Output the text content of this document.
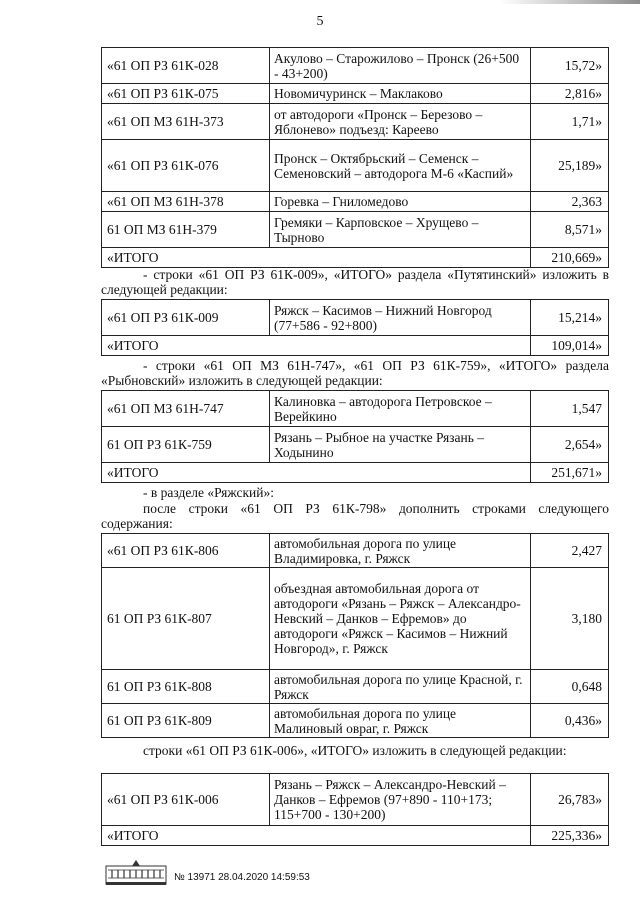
5
«61 ОП РЗ 61К-028	Акулово – Старожилово – Пронск (26+500 - 43+200)	15,72»
«61 ОП РЗ 61К-075	Новомичуринск – Маклаково	2,816»
«61 ОП МЗ 61Н-373	от автодороги «Пронск – Березово – Яблонево» подъезд: Кареево	1,71»
«61 ОП РЗ 61К-076	Пронск – Октябрьский – Семенск – Семеновский – автодорога М-6 «Каспий»	25,189»
«61 ОП МЗ 61Н-378	Горевка – Гниломедово	2,363
61 ОП МЗ 61Н-379	Гремяки – Карповское – Хрущево – Тырново	8,571»
«ИТОГО		210,669»
- строки «61 ОП РЗ 61К-009», «ИТОГО» раздела «Путятинский» изложить в следующей редакции:
«61 ОП РЗ 61К-009	Ряжск – Касимов – Нижний Новгород (77+586 - 92+800)	15,214»
«ИТОГО		109,014»
- строки «61 ОП МЗ 61Н-747», «61 ОП РЗ 61К-759», «ИТОГО» раздела «Рыбновский» изложить в следующей редакции:
«61 ОП МЗ 61Н-747	Калиновка – автодорога Петровское – Верейкино	1,547
61 ОП РЗ 61К-759	Рязань – Рыбное на участке Рязань – Ходынино	2,654»
«ИТОГО		251,671»
- в разделе «Ряжский»:
после строки «61 ОП РЗ 61К-798» дополнить строками следующего содержания:
«61 ОП РЗ 61К-806	автомобильная дорога по улице Владимировка, г. Ряжск	2,427
61 ОП РЗ 61К-807	объездная автомобильная дорога от автодороги «Рязань – Ряжск – Александро-Невский – Данков – Ефремов» до автодороги «Ряжск – Касимов – Нижний Новгород», г. Ряжск	3,180
61 ОП РЗ 61К-808	автомобильная дорога по улице Красной, г. Ряжск	0,648
61 ОП РЗ 61К-809	автомобильная дорога по улице Малиновый овраг, г. Ряжск	0,436»
строки «61 ОП РЗ 61К-006», «ИТОГО» изложить в следующей редакции:
«61 ОП РЗ 61К-006	Рязань – Ряжск – Александро-Невский – Данков – Ефремов (97+890 - 110+173; 115+700 - 130+200)	26,783»
«ИТОГО		225,336»
№ 13971 28.04.2020 14:59:53
